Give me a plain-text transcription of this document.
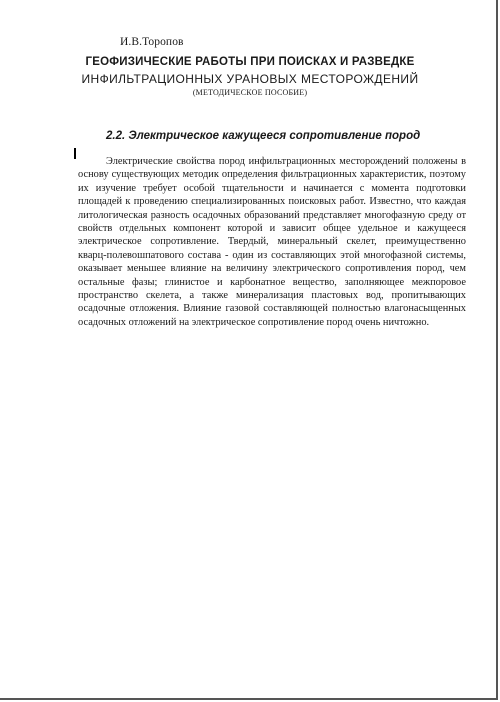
И.В.Торопов
ГЕОФИЗИЧЕСКИЕ РАБОТЫ ПРИ ПОИСКАХ И РАЗВЕДКЕ
ИНФИЛЬТРАЦИОННЫХ УРАНОВЫХ МЕСТОРОЖДЕНИЙ
(МЕТОДИЧЕСКОЕ ПОСОБИЕ)
2.2. Электрическое кажущееся сопротивление пород

Электрические свойства пород инфильтрационных месторождений положены в основу существующих методик определения фильтрационных характеристик, поэтому их изучение требует особой тщательности и начинается с момента подготовки площадей к проведению специализированных поисковых работ. Известно, что каждая литологическая разность осадочных образований представляет многофазную среду от свойств отдельных компонент которой и зависит общее удельное и кажущееся электрическое сопротивление. Твердый, минеральный скелет, преимущественно кварц-полевошпатового состава - один из составляющих этой многофазной системы, оказывает меньшее влияние на величину электрического сопротивления пород, чем остальные фазы; глинистое и карбонатное вещество, заполняющее межпоровое пространство скелета, а также минерализация пластовых вод, пропитывающих осадочные отложения. Влияние газовой составляющей полностью влагонасыщенных осадочных отложений на электрическое сопротивление пород очень ничтожно.
